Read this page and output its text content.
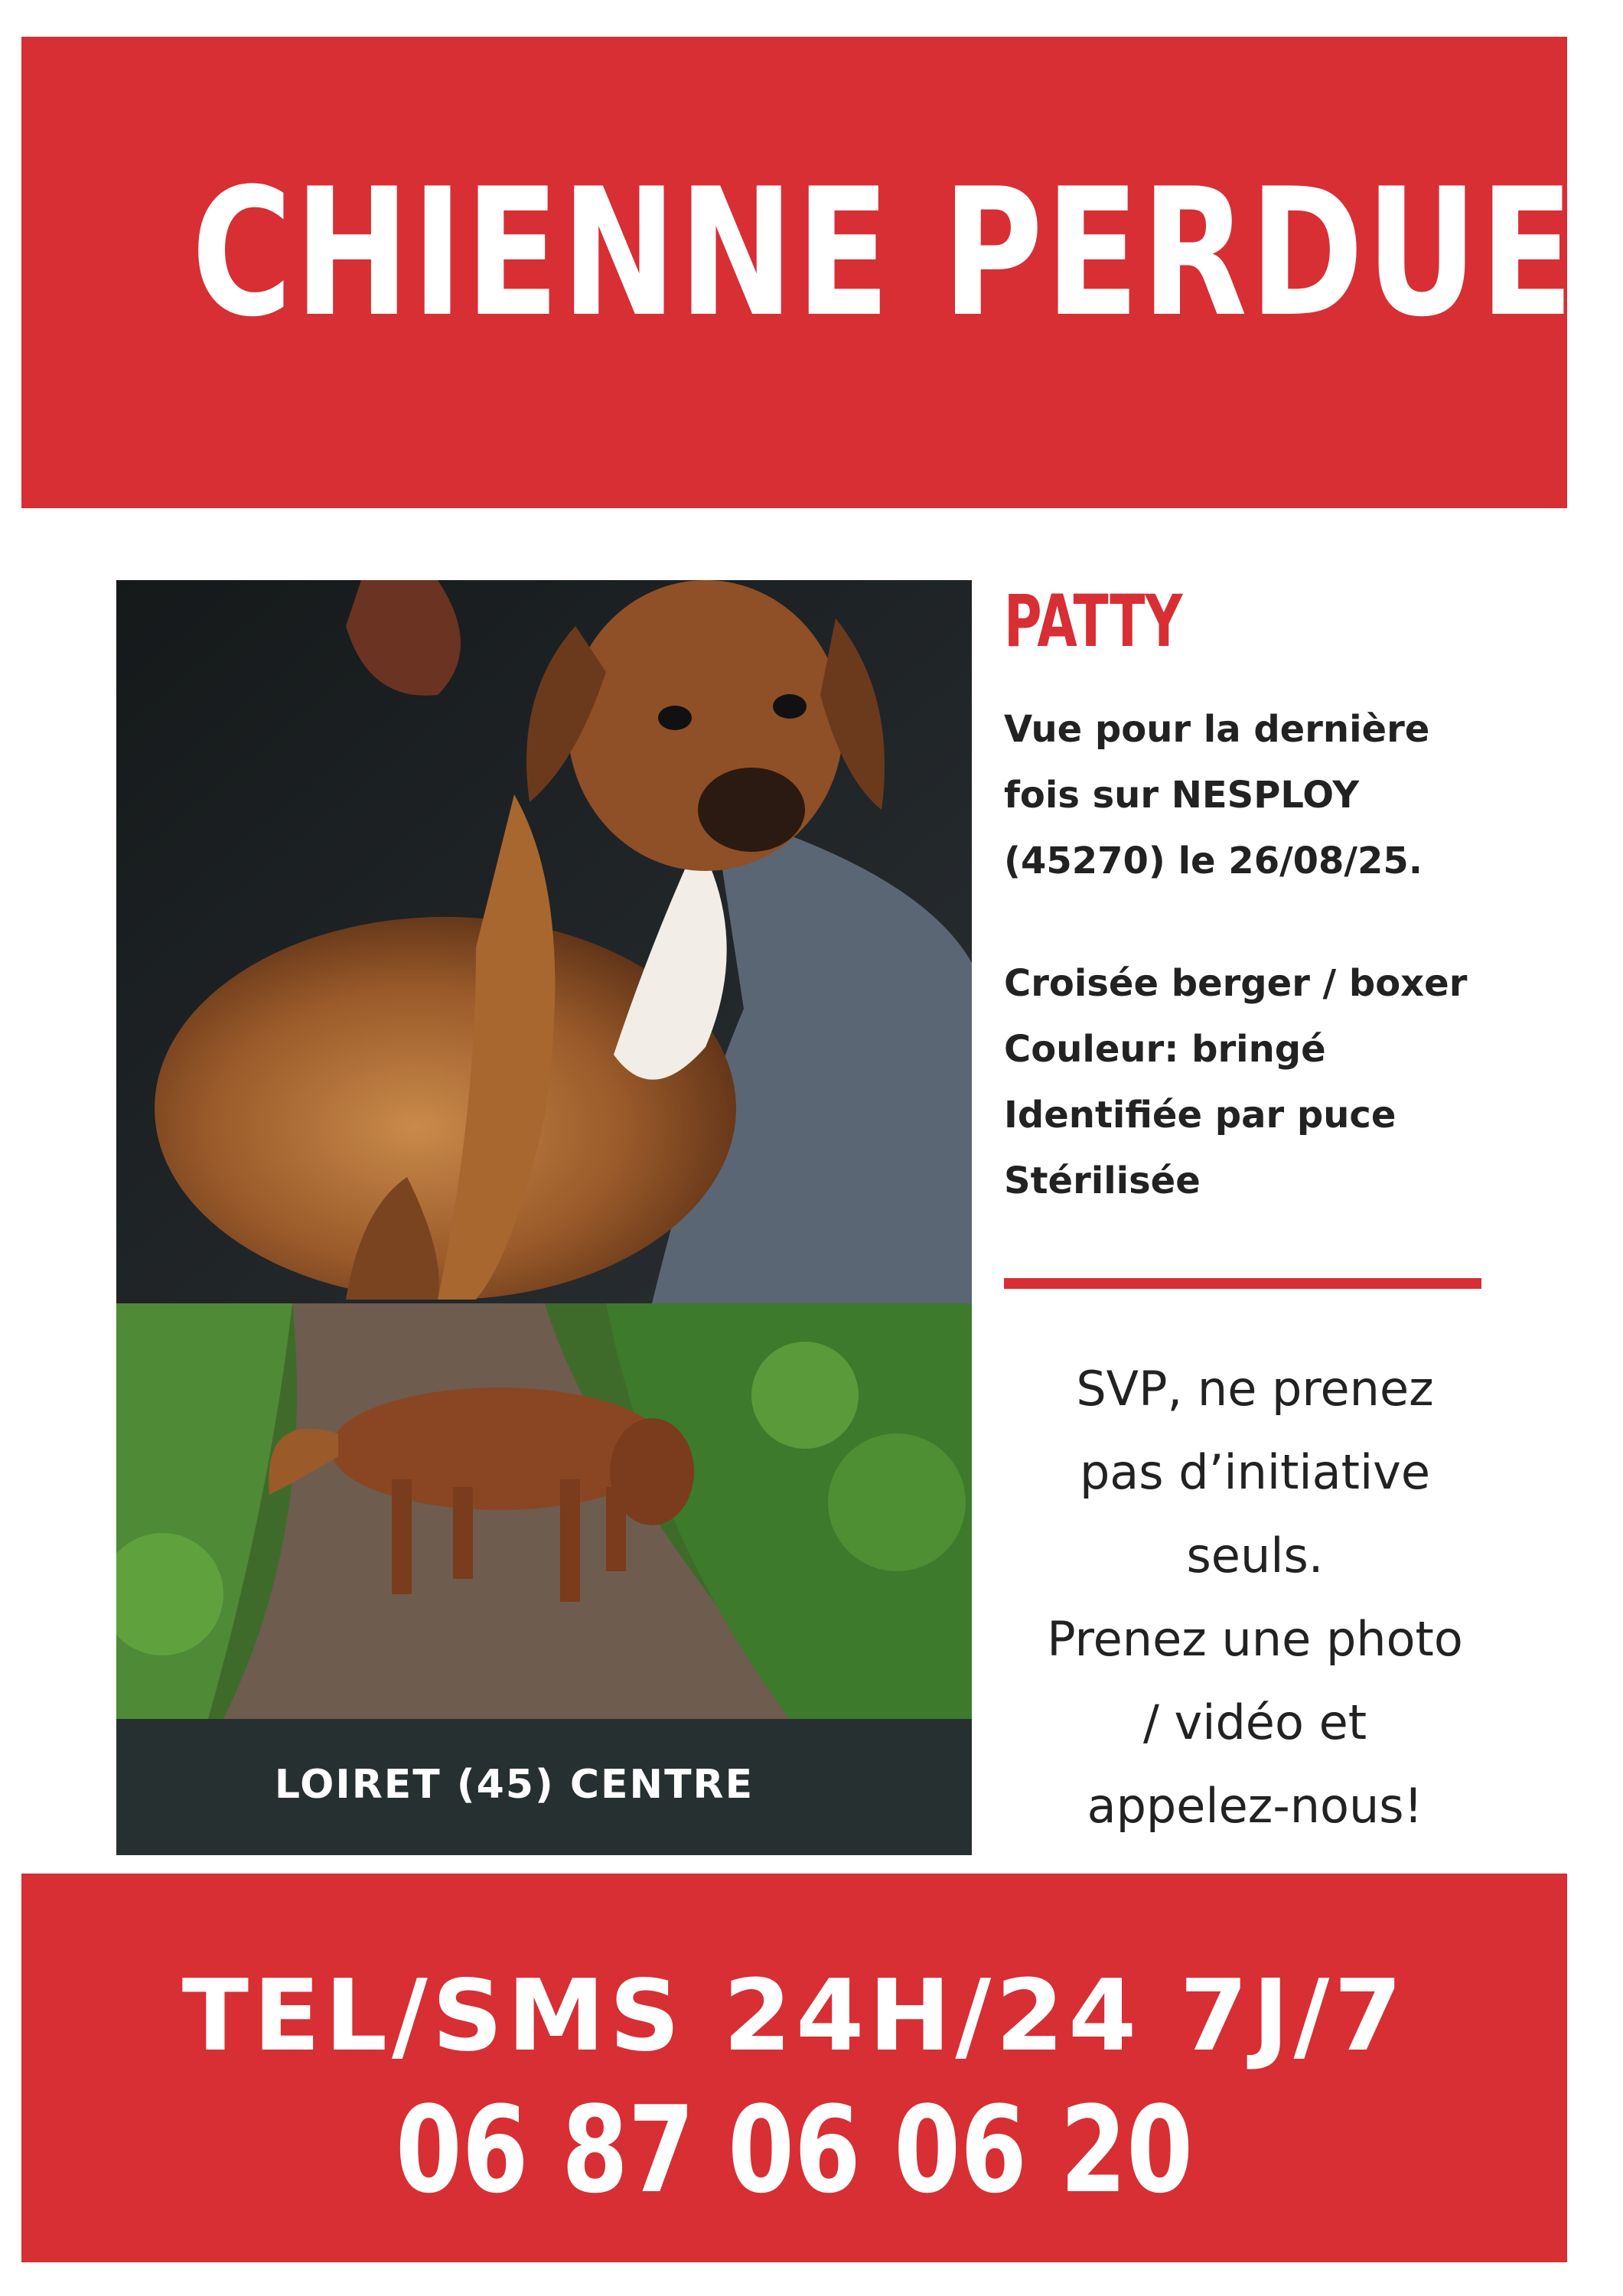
CHIENNE PERDUE
LOIRET (45) CENTRE
PATTY
Vue pour la dernière
fois sur NESPLOY
(45270) le 26/08/25.
Croisée berger / boxer
Couleur: bringé
Identifiée par puce
Stérilisée
SVP, ne prenez
pas d’initiative
seuls.
Prenez une photo
/ vidéo et
appelez-nous!
TEL/SMS 24H/24 7J/7
06 87 06 06 20
